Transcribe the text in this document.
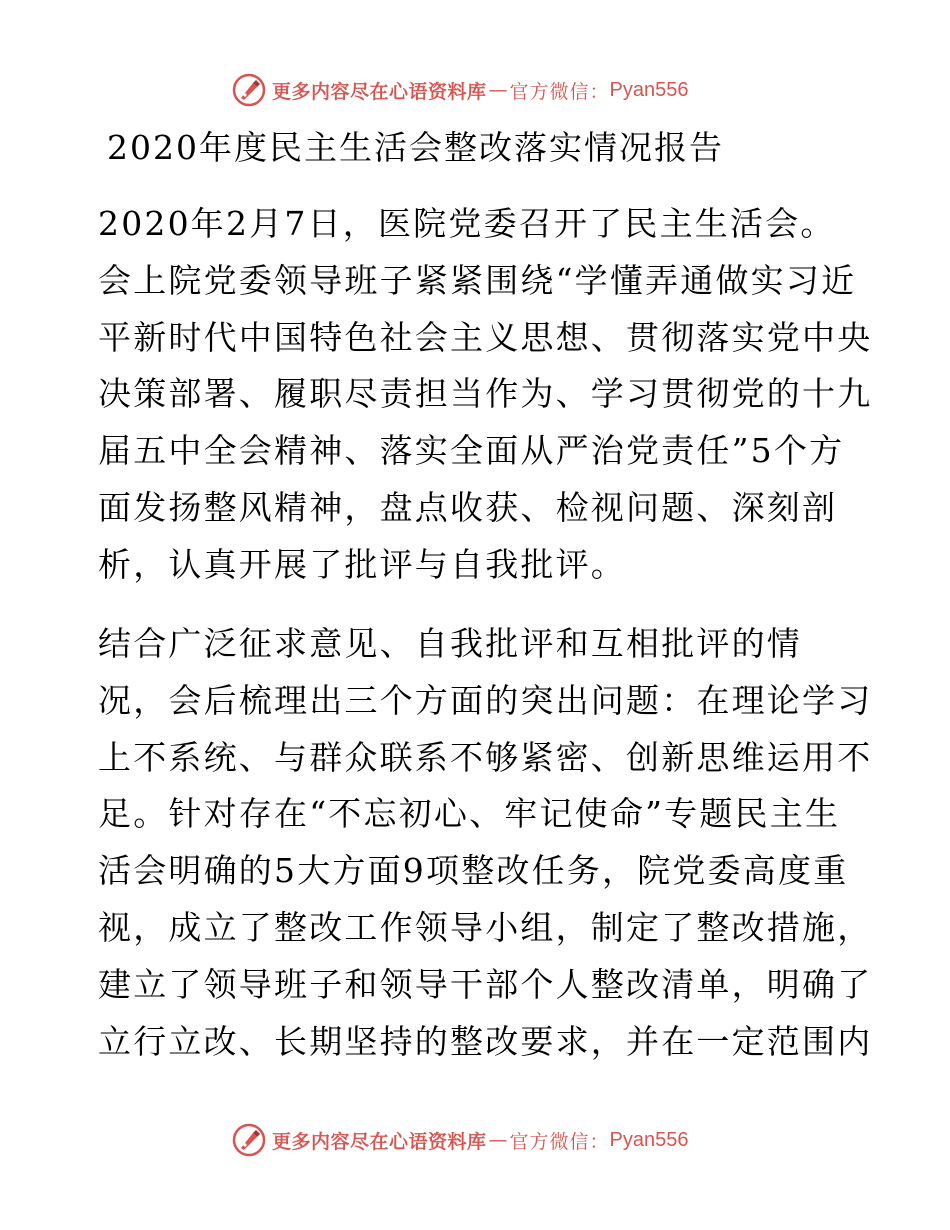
更多内容尽在心语资料库 — 官方微信： Pyan556
2020年度民主生活会整改落实情况报告
2020年2月7日，医院党委召开了民主生活会。
会上院党委领导班子紧紧围绕“学懂弄通做实习近
平新时代中国特色社会主义思想、贯彻落实党中央
决策部署、履职尽责担当作为、学习贯彻党的十九
届五中全会精神、落实全面从严治党责任”5个方
面发扬整风精神，盘点收获、检视问题、深刻剖
析，认真开展了批评与自我批评。
结合广泛征求意见、自我批评和互相批评的情
况，会后梳理出三个方面的突出问题：在理论学习
上不系统、与群众联系不够紧密、创新思维运用不
足。针对存在“不忘初心、牢记使命”专题民主生
活会明确的5大方面9项整改任务，院党委高度重
视，成立了整改工作领导小组，制定了整改措施，
建立了领导班子和领导干部个人整改清单，明确了
立行立改、长期坚持的整改要求，并在一定范围内
更多内容尽在心语资料库 — 官方微信： Pyan556
